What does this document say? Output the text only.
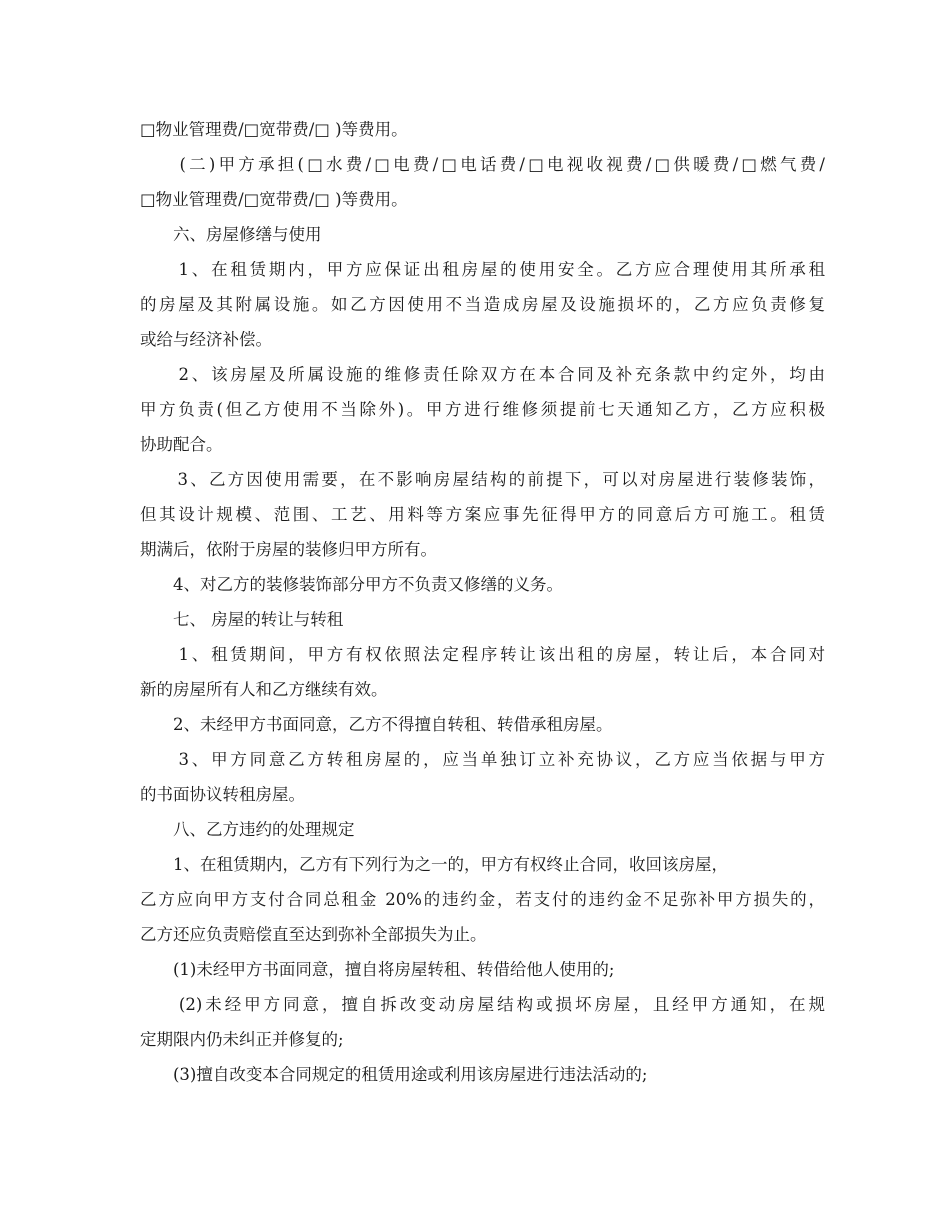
□物业管理费/□宽带费/□ )等费用。
　　(二)甲方承担(□水费/□电费/□电话费/□电视收视费/□供暖费/□燃气费/
□物业管理费/□宽带费/□ )等费用。
　　六、房屋修缮与使用
　　1、在租赁期内，甲方应保证出租房屋的使用安全。乙方应合理使用其所承租
的房屋及其附属设施。如乙方因使用不当造成房屋及设施损坏的，乙方应负责修复
或给与经济补偿。
　　2、该房屋及所属设施的维修责任除双方在本合同及补充条款中约定外，均由
甲方负责(但乙方使用不当除外)。甲方进行维修须提前七天通知乙方，乙方应积极
协助配合。
　　3、乙方因使用需要，在不影响房屋结构的前提下，可以对房屋进行装修装饰，
但其设计规模、范围、工艺、用料等方案应事先征得甲方的同意后方可施工。租赁
期满后，依附于房屋的装修归甲方所有。
　　4、对乙方的装修装饰部分甲方不负责又修缮的义务。
　　七、 房屋的转让与转租
　　1、租赁期间，甲方有权依照法定程序转让该出租的房屋，转让后，本合同对
新的房屋所有人和乙方继续有效。
　　2、未经甲方书面同意，乙方不得擅自转租、转借承租房屋。
　　3、甲方同意乙方转租房屋的，应当单独订立补充协议，乙方应当依据与甲方
的书面协议转租房屋。
　　八、乙方违约的处理规定
　　1、在租赁期内，乙方有下列行为之一的，甲方有权终止合同，收回该房屋，
乙方应向甲方支付合同总租金 20%的违约金，若支付的违约金不足弥补甲方损失的，
乙方还应负责赔偿直至达到弥补全部损失为止。
　　(1)未经甲方书面同意，擅自将房屋转租、转借给他人使用的;
　　(2)未经甲方同意，擅自拆改变动房屋结构或损坏房屋，且经甲方通知，在规
定期限内仍未纠正并修复的;
　　(3)擅自改变本合同规定的租赁用途或利用该房屋进行违法活动的;
